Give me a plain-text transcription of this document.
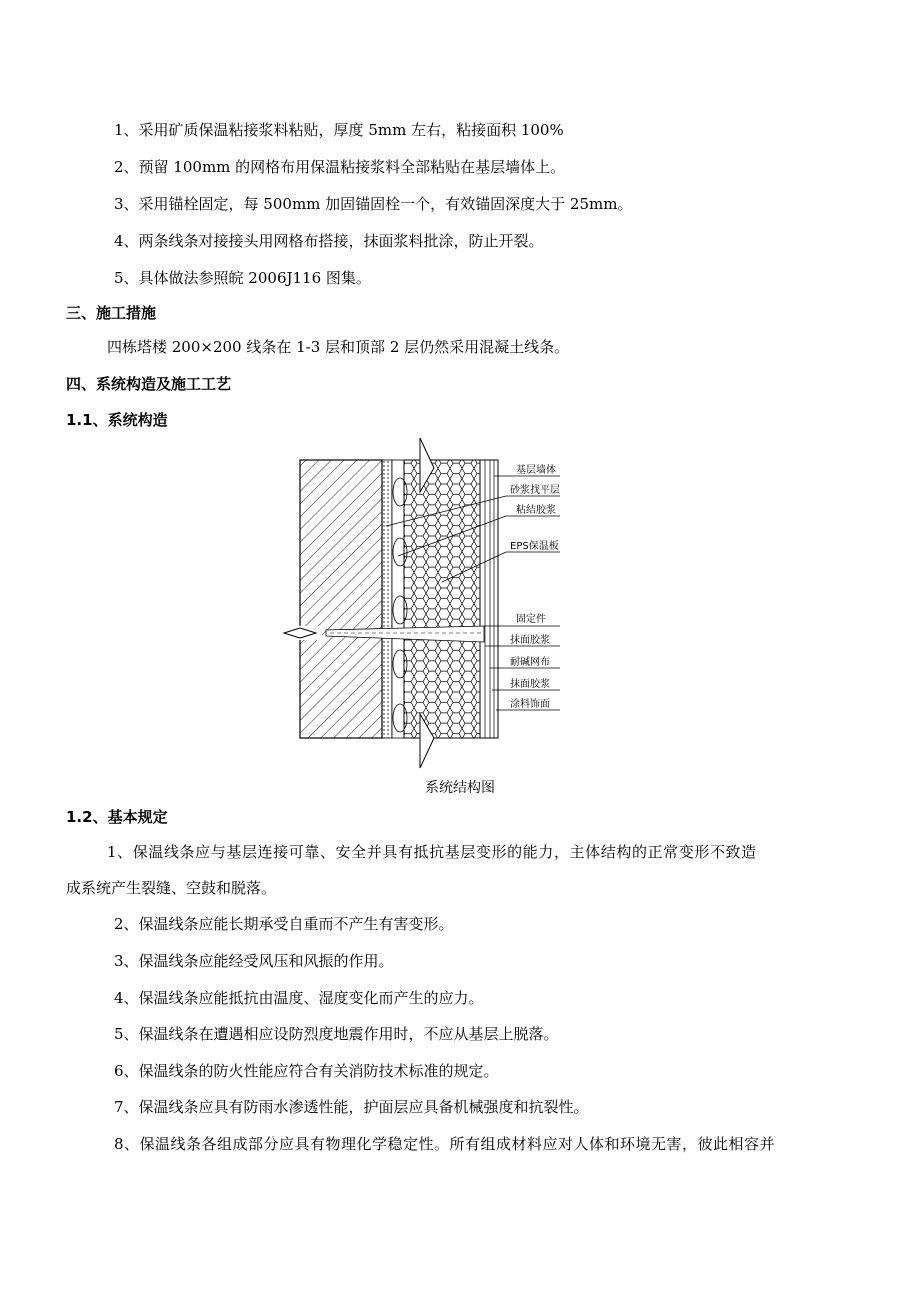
1、采用矿质保温粘接浆料粘贴，厚度 5mm 左右，粘接面积 100%
2、预留 100mm 的网格布用保温粘接浆料全部粘贴在基层墙体上。
3、采用锚栓固定，每 500mm 加固锚固栓一个，有效锚固深度大于 25mm。
4、两条线条对接接头用网格布搭接，抹面浆料批涂，防止开裂。
5、具体做法参照皖 2006J116 图集。
三、施工措施
四栋塔楼 200×200 线条在 1-3 层和顶部 2 层仍然采用混凝土线条。
四、系统构造及施工工艺
1.1、系统构造
基层墙体
砂浆找平层
粘结胶浆
EPS保温板
固定件
抹面胶浆
耐碱网布
抹面胶浆
涂料饰面
系统结构图
1.2、基本规定
1、保温线条应与基层连接可靠、安全并具有抵抗基层变形的能力，主体结构的正常变形不致造
成系统产生裂缝、空鼓和脱落。
2、保温线条应能长期承受自重而不产生有害变形。
3、保温线条应能经受风压和风振的作用。
4、保温线条应能抵抗由温度、湿度变化而产生的应力。
5、保温线条在遭遇相应设防烈度地震作用时，不应从基层上脱落。
6、保温线条的防火性能应符合有关消防技术标准的规定。
7、保温线条应具有防雨水渗透性能，护面层应具备机械强度和抗裂性。
8、保温线条各组成部分应具有物理化学稳定性。所有组成材料应对人体和环境无害，彼此相容并
